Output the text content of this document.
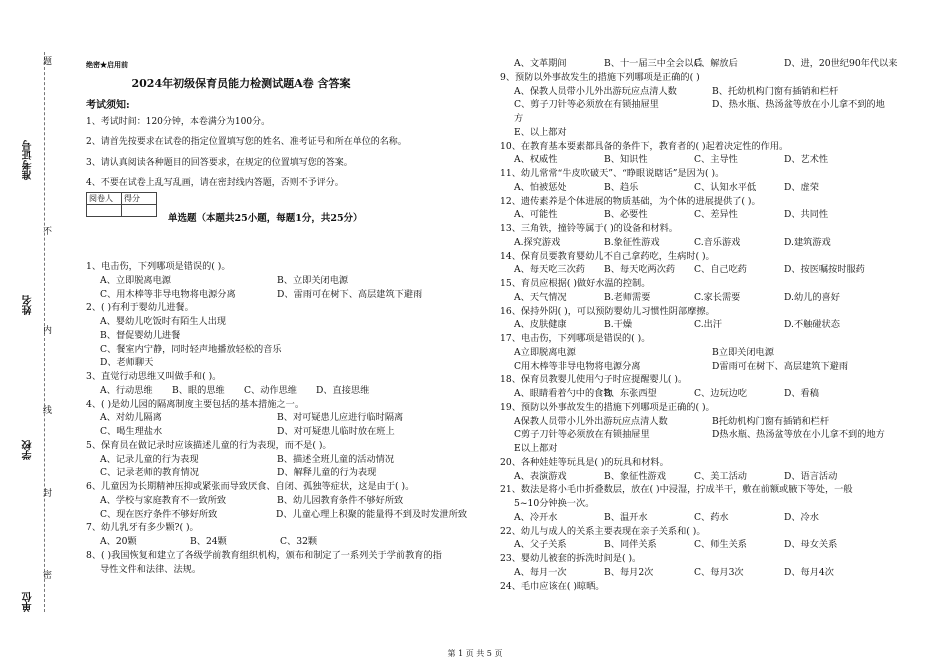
题
不
内
线
封
密
准考证号
姓名
学校
单位
绝密★启用前
2024年初级保育员能力检测试题A卷 含答案
考试须知:
1、考试时间：120分钟，本卷满分为100分。
2、请首先按要求在试卷的指定位置填写您的姓名、准考证号和所在单位的名称。
3、请认真阅读各种题目的回答要求，在规定的位置填写您的答案。
4、不要在试卷上乱写乱画，请在密封线内答题，否则不予评分。
阅卷人	得分

单选题（本题共25小题，每题1分，共25分）
1、电击伤，下列哪项是错误的( )。
A、立即脱离电源	B、立即关闭电源
C、用木棒等非导电物将电源分离	D、雷雨可在树下、高层建筑下避雨
2、( )有利于婴幼儿进餐。
A、婴幼儿吃饭时有陌生人出现
B、督促婴幼儿进餐
C、餐室内宁静，同时轻声地播放轻松的音乐
D、老师聊天
3、直觉行动思维又叫做手和( )。
A、行动思维	B、眼的思维	C、动作思维	D、直接思维
4、( )是幼儿园的隔离制度主要包括的基本措施之一。
A、对幼儿隔离	B、对可疑患儿应进行临时隔离
C、喝生理盐水	D、对可疑患儿临时放在班上
5、保育员在做记录时应该描述儿童的行为表现，而不是( )。
A、记录儿童的行为表现	B、描述全班儿童的活动情况
C、记录老师的教育情况	D、解释儿童的行为表现
6、儿童因为长期精神压抑或紧张而导致厌食、自闭、孤独等症状，这是由于( )。
A、学校与家庭教育不一致所致	B、幼儿园教育条件不够好所致
C、现在医疗条件不够好所致	D、儿童心理上积聚的能量得不到及时发泄所致
7、幼儿乳牙有多少颗?( )。
A、20颗	B、24颗	C、32颗
8、( )我国恢复和建立了各级学前教育组织机构，颁布和制定了一系列关于学前教育的指
导性文件和法律、法规。
A、文革期间	B、十一届三中全会以后
C、解放后	D、进，20世纪90年代以来
9、预防以外事故发生的措施下列哪项是正确的( )
A、保教人员带小儿外出游玩应点清人数	B、托幼机构门窗有插销和栏杆
C、剪子刀针等必须放在有锁抽屉里	D、热水瓶、热汤盆等放在小儿拿不到的地
方
E、以上都对
10、在教育基本要素都具备的条件下，教育者的( )起着决定性的作用。
A、权威性	B、知识性	C、主导性	D、艺术性
11、幼儿常常“牛皮吹破天”、“睁眼说瞎话”是因为( )。
A、怕被惩处	B、趋乐	C、认知水平低	D、虚荣
12、遗传素养是个体进展的物质基础，为个体的进展提供了( )。
A、可能性	B、必要性	C、差异性	D、共同性
13、三角铁，撞铃等属于( )的设备和材料。
A.探究游戏	B.象征性游戏	C.音乐游戏	D.建筑游戏
14、保育员要教育婴幼儿不自己拿药吃，生病时( )。
A、每天吃三次药	B、每天吃两次药	C、自己吃药	D、按医嘱按时服药
15、育员应根据( )做好水温的控制。
A、天气情况	B.老师需要	C.家长需要	D.幼儿的喜好
16、保持外阴( )，可以预防婴幼儿习惯性阴部摩擦。
A、皮肤健康	B.干燥	C.出汗	D.不触碰状态
17、电击伤，下列哪项是错误的( )。
A立即脱离电源	B立即关闭电源
C用木棒等非导电物将电源分离	D雷雨可在树下、高层建筑下避雨
18、保育员教婴儿使用勺子时应提醒婴儿( )。
A、眼睛看着勺中的食物
B、东张西望	C、边玩边吃	D、看稿
19、预防以外事故发生的措施下列哪项是正确的( )。
A保教人员带小儿外出游玩应点清人数	B托幼机构门窗有插销和栏杆
C剪子刀针等必须放在有锁抽屉里	D热水瓶、热汤盆等放在小儿拿不到的地方
E以上都对
20、各种娃娃等玩具是( )的玩具和材料。
A、表演游戏	B、象征性游戏	C、美工活动	D、语言活动
21、数法是将小毛巾折叠数层，放在( )中浸湿，拧成半干，敷在前额或腋下等处，一般
5~10分钟换一次。
A、冷开水	B、温开水	C、药水	D、冷水
22、幼儿与成人的关系主要表现在亲子关系和( )。
A、父子关系	B、同伴关系	C、师生关系	D、母女关系
23、婴幼儿被套的拆洗时间是( )。
A、每月一次	B、每月2次	C、每月3次	D、每月4次
24、毛巾应该在( )晾晒。
第 1 页 共 5 页
